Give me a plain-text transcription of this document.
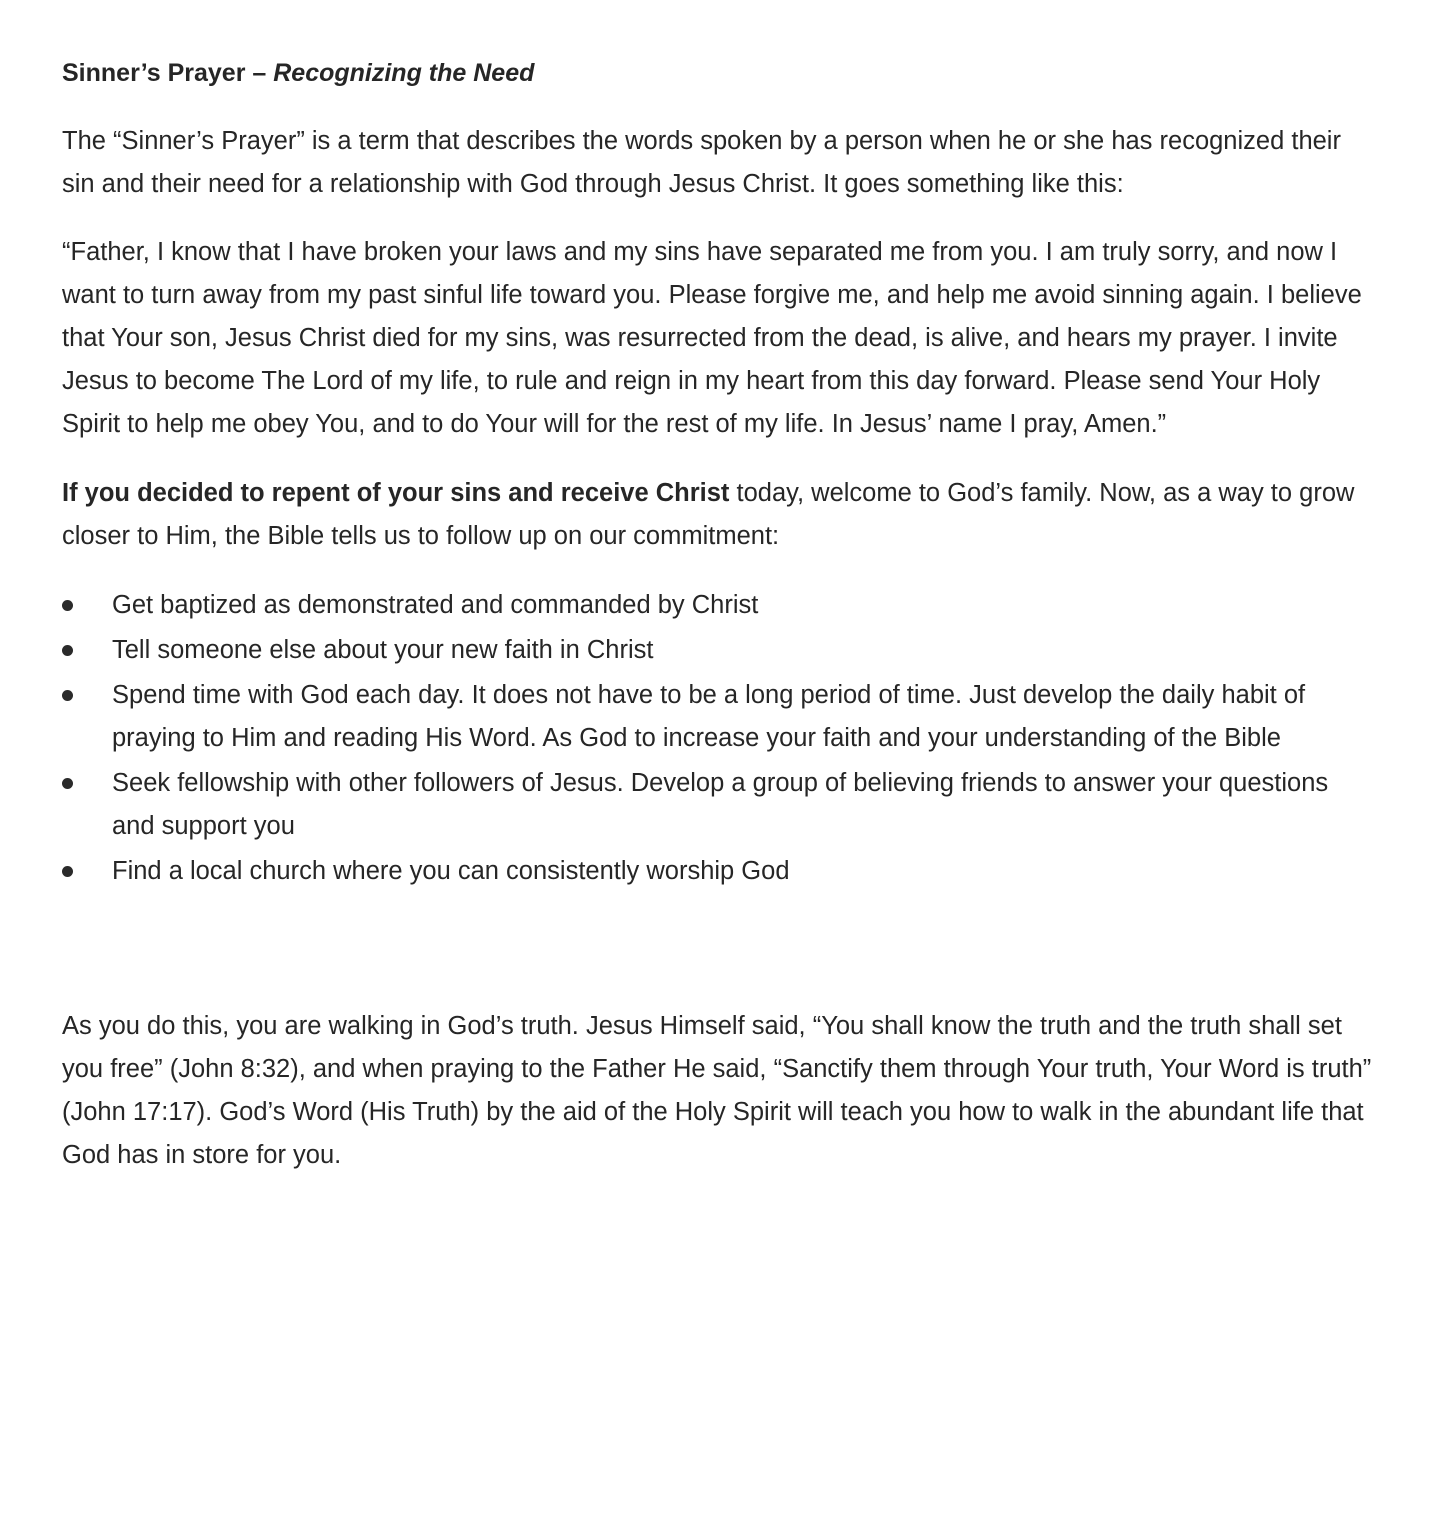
Sinner’s Prayer – Recognizing the Need

The “Sinner’s Prayer” is a term that describes the words spoken by a person when he or she has recognized their sin and their need for a relationship with God through Jesus Christ. It goes something like this:

“Father, I know that I have broken your laws and my sins have separated me from you. I am truly sorry, and now I want to turn away from my past sinful life toward you. Please forgive me, and help me avoid sinning again. I believe that Your son, Jesus Christ died for my sins, was resurrected from the dead, is alive, and hears my prayer. I invite Jesus to become The Lord of my life, to rule and reign in my heart from this day forward. Please send Your Holy Spirit to help me obey You, and to do Your will for the rest of my life. In Jesus’ name I pray, Amen.”

If you decided to repent of your sins and receive Christ today, welcome to God’s family. Now, as a way to grow closer to Him, the Bible tells us to follow up on our commitment:

Get baptized as demonstrated and commanded by Christ
Tell someone else about your new faith in Christ
Spend time with God each day. It does not have to be a long period of time. Just develop the daily habit of praying to Him and reading His Word. As God to increase your faith and your understanding of the Bible
Seek fellowship with other followers of Jesus. Develop a group of believing friends to answer your questions and support you
Find a local church where you can consistently worship God

As you do this, you are walking in God’s truth. Jesus Himself said, “You shall know the truth and the truth shall set you free” (John 8:32), and when praying to the Father He said, “Sanctify them through Your truth, Your Word is truth” (John 17:17). God’s Word (His Truth) by the aid of the Holy Spirit will teach you how to walk in the abundant life that God has in store for you.
